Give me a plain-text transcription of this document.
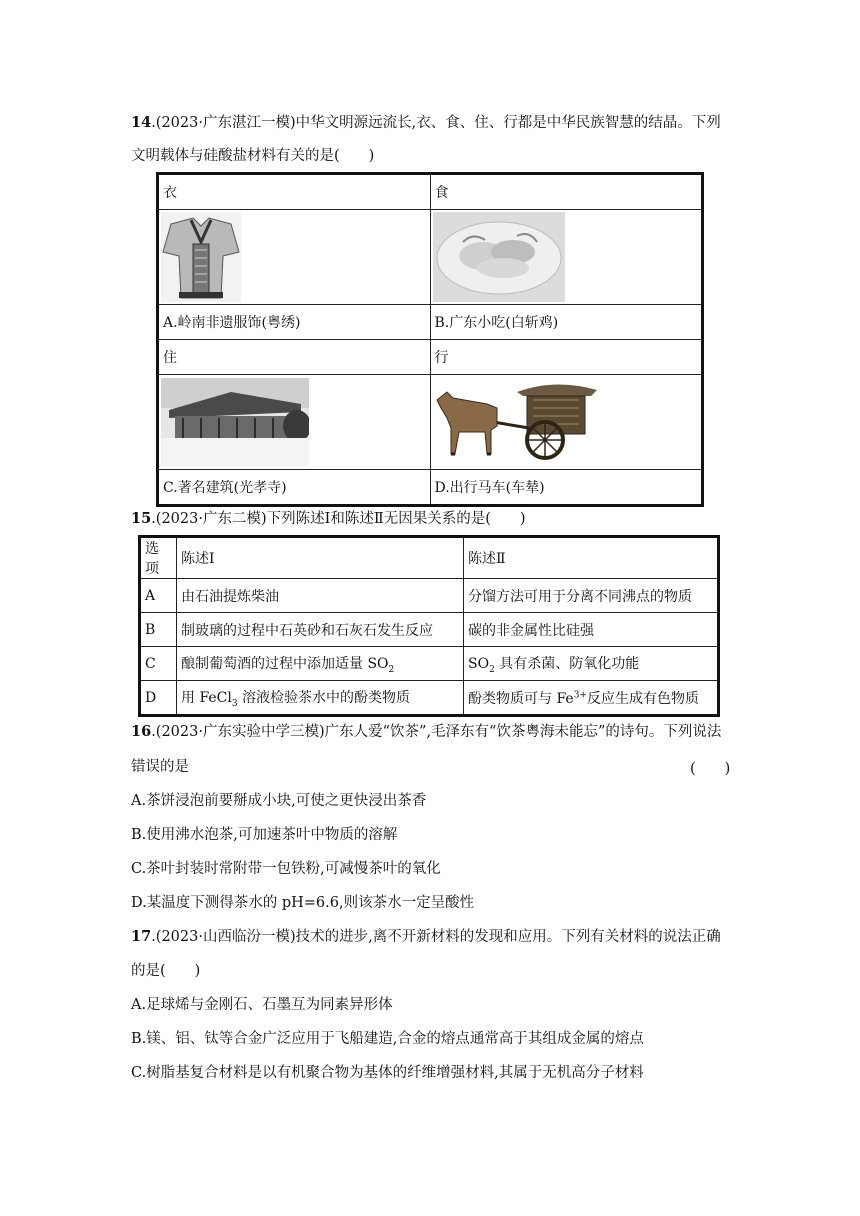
14.(2023·广东湛江一模)中华文明源远流长,衣、食、住、行都是中华民族智慧的结晶。下列
文明载体与硅酸盐材料有关的是(　　)
衣	食

A.岭南非遗服饰(粤绣)	B.广东小吃(白斩鸡)
住	行

C.著名建筑(光孝寺)	D.出行马车(车辇)
15.(2023·广东二模)下列陈述Ⅰ和陈述Ⅱ无因果关系的是(　　)
选项	陈述Ⅰ	陈述Ⅱ
A	由石油提炼柴油	分馏方法可用于分离不同沸点的物质
B	制玻璃的过程中石英砂和石灰石发生反应	碳的非金属性比硅强
C	酿制葡萄酒的过程中添加适量 $SO_2$	$SO_2$ 具有杀菌、防氧化功能
D	用 FeCl$_3$ 溶液检验茶水中的酚类物质	酚类物质可与 $Fe^{3+}$反应生成有色物质
16.(2023·广东实验中学三模)广东人爱“饮茶”,毛泽东有“饮茶粤海未能忘”的诗句。下列说法
错误的是	(　　)
A.茶饼浸泡前要掰成小块,可使之更快浸出茶香
B.使用沸水泡茶,可加速茶叶中物质的溶解
C.茶叶封装时常附带一包铁粉,可减慢茶叶的氧化
D.某温度下测得茶水的 pH=6.6,则该茶水一定呈酸性
17.(2023·山西临汾一模)技术的进步,离不开新材料的发现和应用。下列有关材料的说法正确
的是(　　)
A.足球烯与金刚石、石墨互为同素异形体
B.镁、铝、钛等合金广泛应用于飞船建造,合金的熔点通常高于其组成金属的熔点
C.树脂基复合材料是以有机聚合物为基体的纤维增强材料,其属于无机高分子材料
